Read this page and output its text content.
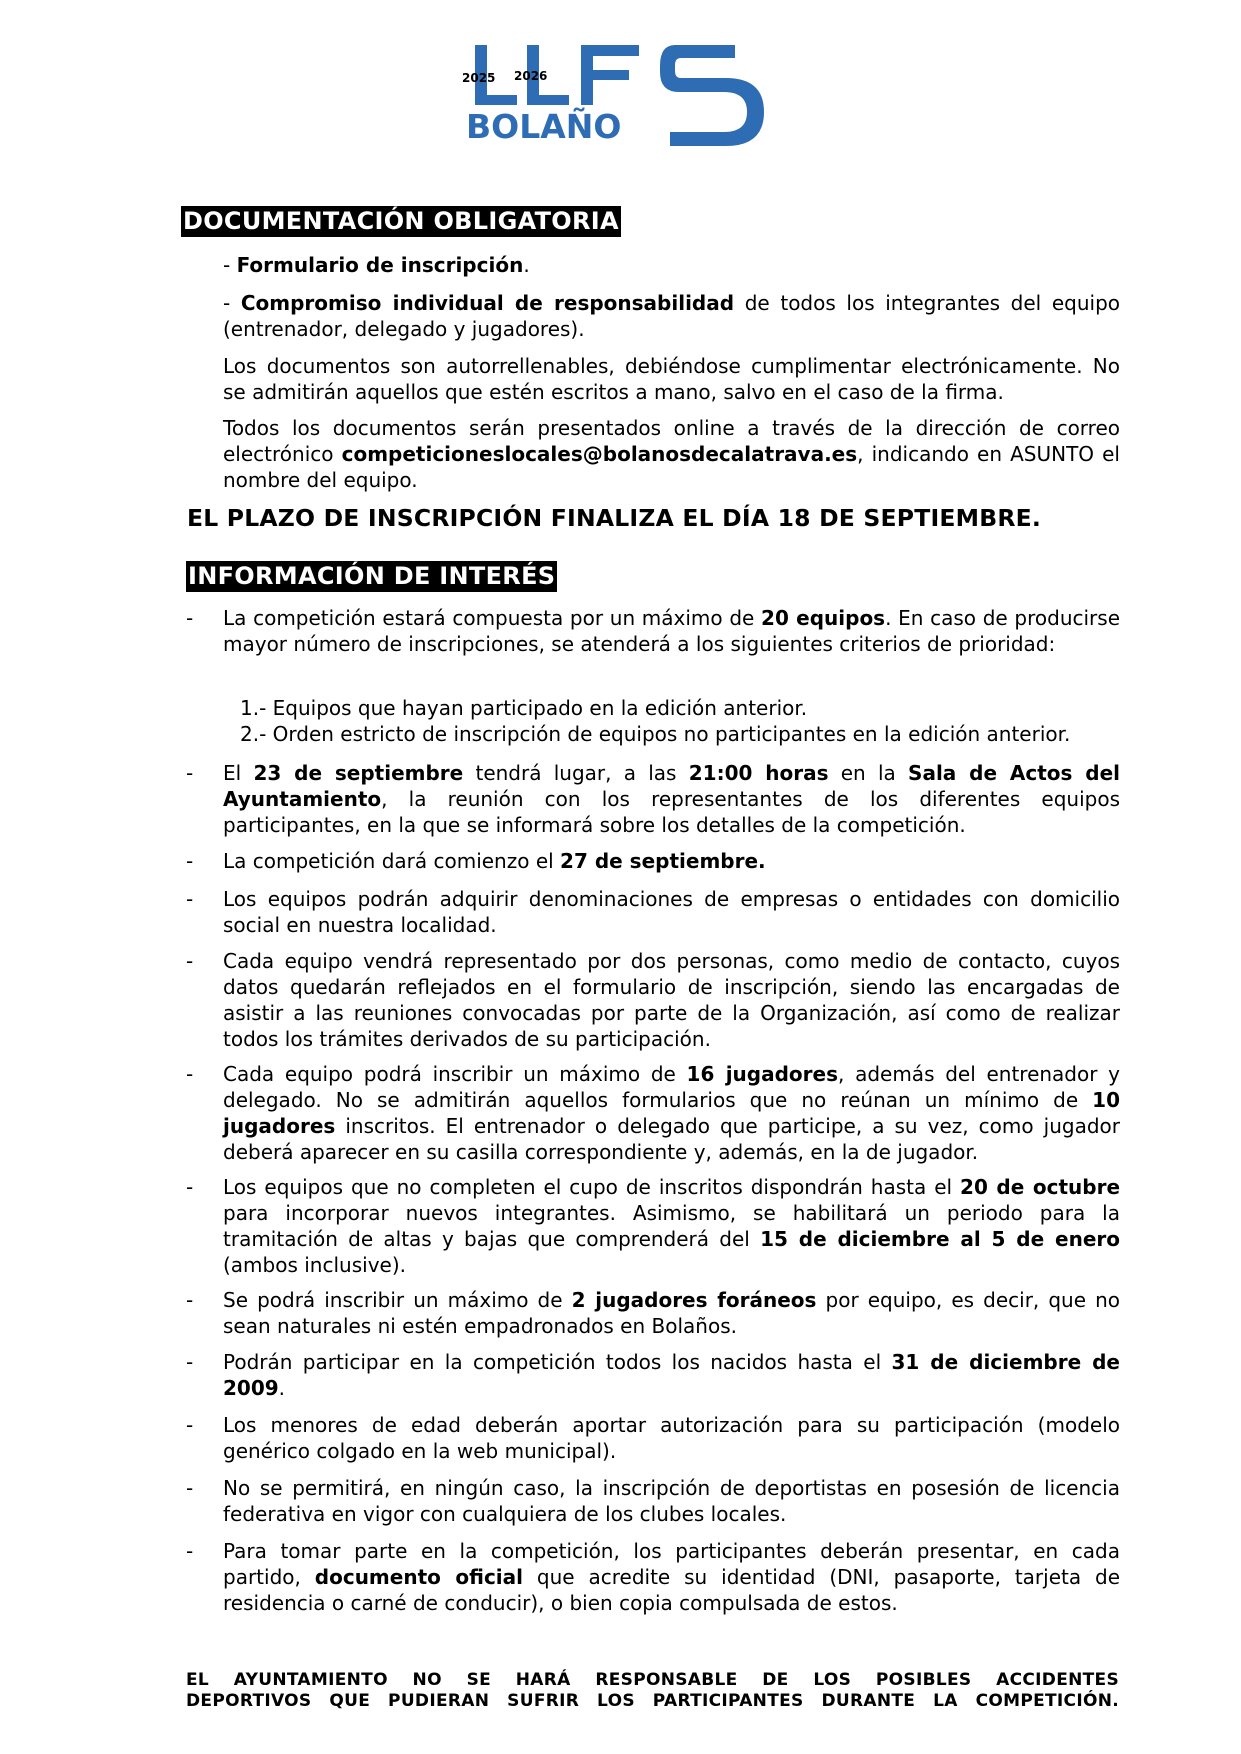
2025 2026
BOLAÑO
DOCUMENTACIÓN OBLIGATORIA

- Formulario de inscripción.

- Compromiso individual de responsabilidad de todos los integrantes del equipo (entrenador, delegado y jugadores).

Los documentos son autorrellenables, debiéndose cumplimentar electrónicamente. No se admitirán aquellos que estén escritos a mano, salvo en el caso de la firma.

Todos los documentos serán presentados online a través de la dirección de correo electrónico competicioneslocales@bolanosdecalatrava.es, indicando en ASUNTO el nombre del equipo.

EL PLAZO DE INSCRIPCIÓN FINALIZA EL DÍA 18 DE SEPTIEMBRE.

INFORMACIÓN DE INTERÉS

- La competición estará compuesta por un máximo de 20 equipos. En caso de producirse mayor número de inscripciones, se atenderá a los siguientes criterios de prioridad:

1.- Equipos que hayan participado en la edición anterior.

2.- Orden estricto de inscripción de equipos no participantes en la edición anterior.

- El 23 de septiembre tendrá lugar, a las 21:00 horas en la Sala de Actos del Ayuntamiento, la reunión con los representantes de los diferentes equipos participantes, en la que se informará sobre los detalles de la competición.

- La competición dará comienzo el 27 de septiembre.

- Los equipos podrán adquirir denominaciones de empresas o entidades con domicilio social en nuestra localidad.

- Cada equipo vendrá representado por dos personas, como medio de contacto, cuyos datos quedarán reflejados en el formulario de inscripción, siendo las encargadas de asistir a las reuniones convocadas por parte de la Organización, así como de realizar todos los trámites derivados de su participación.

- Cada equipo podrá inscribir un máximo de 16 jugadores, además del entrenador y delegado. No se admitirán aquellos formularios que no reúnan un mínimo de 10 jugadores inscritos. El entrenador o delegado que participe, a su vez, como jugador deberá aparecer en su casilla correspondiente y, además, en la de jugador.

- Los equipos que no completen el cupo de inscritos dispondrán hasta el 20 de octubre para incorporar nuevos integrantes. Asimismo, se habilitará un periodo para la tramitación de altas y bajas que comprenderá del 15 de diciembre al 5 de enero (ambos inclusive).

- Se podrá inscribir un máximo de 2 jugadores foráneos por equipo, es decir, que no sean naturales ni estén empadronados en Bolaños.

- Podrán participar en la competición todos los nacidos hasta el 31 de diciembre de 2009.

- Los menores de edad deberán aportar autorización para su participación (modelo genérico colgado en la web municipal).

- No se permitirá, en ningún caso, la inscripción de deportistas en posesión de licencia federativa en vigor con cualquiera de los clubes locales.

- Para tomar parte en la competición, los participantes deberán presentar, en cada partido, documento oficial que acredite su identidad (DNI, pasaporte, tarjeta de residencia o carné de conducir), o bien copia compulsada de estos.

EL AYUNTAMIENTO NO SE HARÁ RESPONSABLE DE LOS POSIBLES ACCIDENTES
DEPORTIVOS QUE PUDIERAN SUFRIR LOS PARTICIPANTES DURANTE LA COMPETICIÓN.
